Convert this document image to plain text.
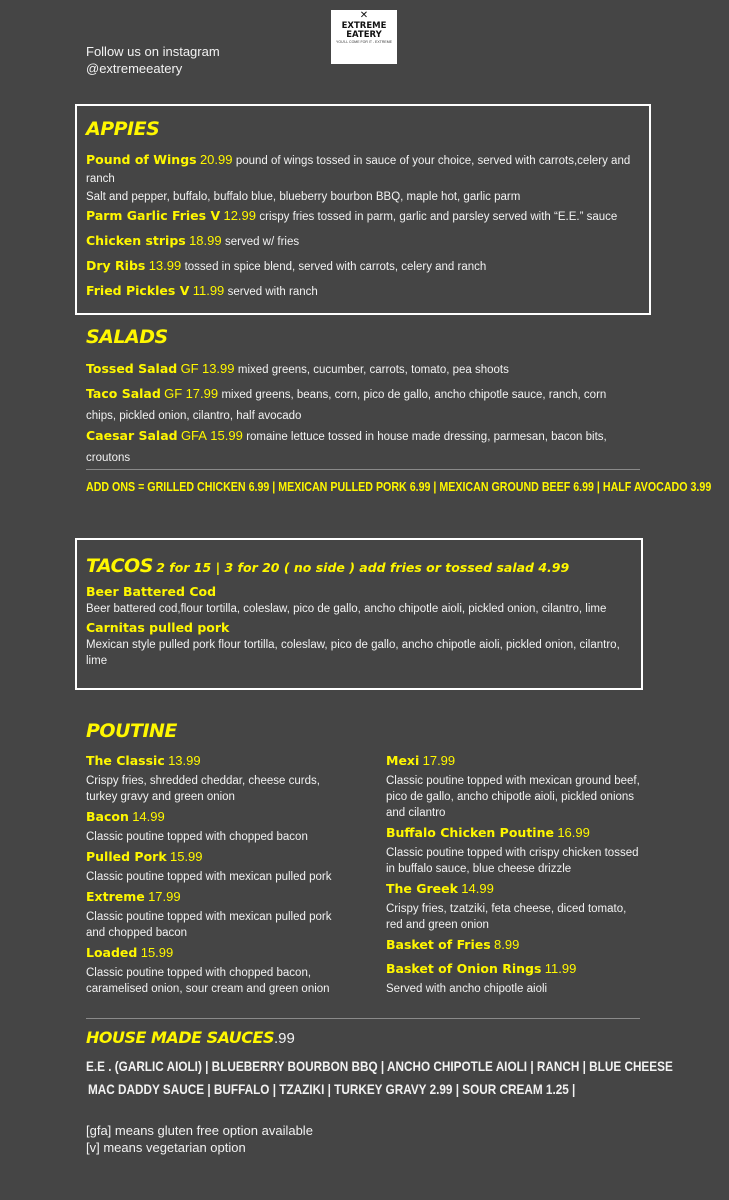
Follow us on instagram
@extremeeatery
✕
EXTREME
EATERY
YOU'LL COME FOR IT - EXTREME
APPIES
Pound of Wings 20.99 pound of wings tossed in sauce of your choice, served with carrots,celery and ranch
Salt and pepper, buffalo, buffalo blue, blueberry bourbon BBQ, maple hot, garlic parm
Parm Garlic Fries V 12.99 crispy fries tossed in parm, garlic and parsley served with “E.E.” sauce
Chicken strips 18.99 served w/ fries
Dry Ribs 13.99 tossed in spice blend, served with carrots, celery and ranch
Fried Pickles V 11.99 served with ranch
SALADS
Tossed Salad GF 13.99 mixed greens, cucumber, carrots, tomato, pea shoots
Taco Salad GF 17.99 mixed greens, beans, corn, pico de gallo, ancho chipotle sauce, ranch, corn chips, pickled onion, cilantro, half avocado
Caesar Salad GFA 15.99 romaine lettuce tossed in house made dressing, parmesan, bacon bits, croutons
ADD ONS = GRILLED CHICKEN 6.99 | MEXICAN PULLED PORK 6.99 | MEXICAN GROUND BEEF 6.99 | HALF AVOCADO 3.99
TACOS 2 for 15 | 3 for 20 ( no side ) add fries or tossed salad 4.99
Beer Battered Cod
Beer battered cod,flour tortilla, coleslaw, pico de gallo, ancho chipotle aioli, pickled onion, cilantro, lime
Carnitas pulled pork
Mexican style pulled pork flour tortilla, coleslaw, pico de gallo, ancho chipotle aioli, pickled onion, cilantro, lime
POUTINE
The Classic 13.99
Crispy fries, shredded cheddar, cheese curds, turkey gravy and green onion
Bacon 14.99
Classic poutine topped with chopped bacon
Pulled Pork 15.99
Classic poutine topped with mexican pulled pork
Extreme 17.99
Classic poutine topped with mexican pulled pork and chopped bacon
Loaded 15.99
Classic poutine topped with chopped bacon, caramelised onion, sour cream and green onion
Mexi 17.99
Classic poutine topped with mexican ground beef, pico de gallo, ancho chipotle aioli, pickled onions and cilantro
Buffalo Chicken Poutine 16.99
Classic poutine topped with crispy chicken tossed in buffalo sauce, blue cheese drizzle
The Greek 14.99
Crispy fries, tzatziki, feta cheese, diced tomato, red and green onion
Basket of Fries 8.99
Basket of Onion Rings 11.99
Served with ancho chipotle aioli
HOUSE MADE SAUCES.99
E.E . (GARLIC AIOLI) | BLUEBERRY BOURBON BBQ | ANCHO CHIPOTLE AIOLI | RANCH | BLUE CHEESE
MAC DADDY SAUCE | BUFFALO | TZAZIKI | TURKEY GRAVY 2.99 | SOUR CREAM 1.25 |
[gfa] means gluten free option available
[v] means vegetarian option
